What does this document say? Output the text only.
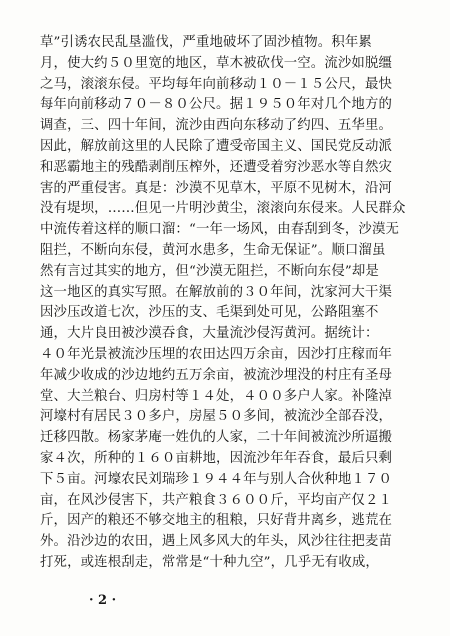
草”引诱农民乱垦滥伐，严重地破坏了固沙植物。积年累
月，使大约５０里宽的地区，草木被砍伐一空。流沙如脱缰
之马，滚滚东侵。平均每年向前移动１０－１５公尺，最快
每年向前移动７０－８０公尺。据１９５０年对几个地方的
调查，三、四十年间，流沙由西向东移动了约四、五华里。
因此，解放前这里的人民除了遭受帝国主义、国民党反动派
和恶霸地主的残酷剥削压榨外，还遭受着穷沙恶水等自然灾
害的严重侵害。真是：沙漠不见草木，平原不见树木，沿河
没有堤坝，……但见一片明沙黄尘，滚滚向东侵来。人民群众
中流传着这样的顺口溜：“一年一场风，由春刮到冬，沙漠无
阻拦，不断向东侵，黄河水患多，生命无保证”。顺口溜虽
然有言过其实的地方，但“沙漠无阻拦，不断向东侵”却是
这一地区的真实写照。在解放前的３０年间，沈家河大干渠
因沙压改道七次，沙压的支、毛渠到处可见，公路阻塞不
通，大片良田被沙漠吞食，大量流沙侵泻黄河。据统计：
４０年光景被流沙压埋的农田达四万余亩，因沙打庄稼而年
年减少收成的沙边地约五万余亩，被流沙埋没的村庄有圣母
堂、大兰粮台、归房村等１４处，４００多户人家。补隆淖
河壕村有居民３０多户，房屋５０多间，被流沙全部吞没，
迁移四散。杨家茅庵一姓仇的人家，二十年间被流沙所逼搬
家４次，所种的１６０亩耕地，因流沙年年吞食，最后只剩
下５亩。河壕农民刘瑞珍１９４４年与别人合伙种地１７０
亩，在风沙侵害下，共产粮食３６００斤，平均亩产仅２１
斤，因产的粮还不够交地主的租粮，只好背井离乡，逃荒在
外。沿沙边的农田，遇上风多风大的年头，风沙往往把麦苗
打死，或连根刮走，常常是“十种九空”，几乎无有收成，
· 2 ·
